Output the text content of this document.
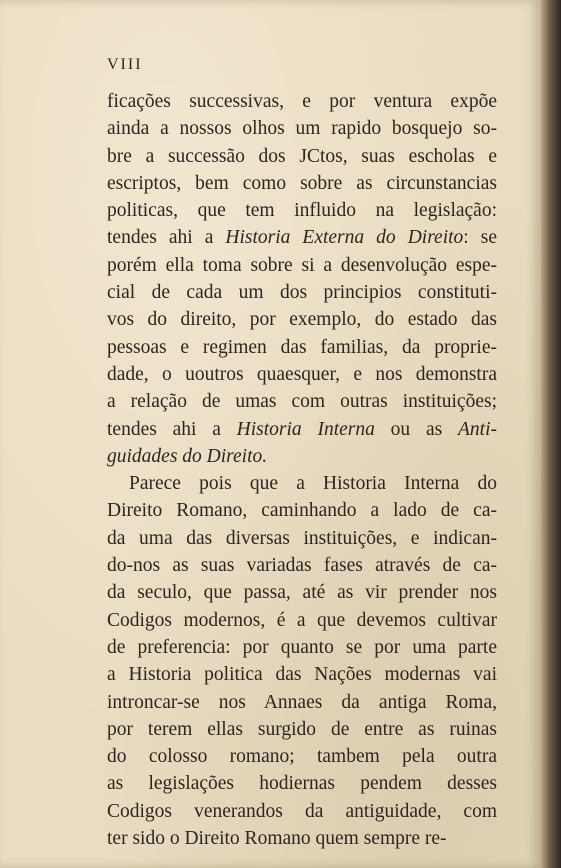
VIII
ficações successivas, e por ventura expõe
ainda a nossos olhos um rapido bosquejo so-
bre a successão dos JCtos, suas escholas e
escriptos, bem como sobre as circunstancias
politicas, que tem influido na legislação:
tendes ahi a Historia Externa do Direito: se
porém ella toma sobre si a desenvolução espe-
cial de cada um dos principios constituti-
vos do direito, por exemplo, do estado das
pessoas e regimen das familias, da proprie-
dade, o uoutros quaesquer, e nos demonstra
a relação de umas com outras instituições;
tendes ahi a Historia Interna ou as Anti-
guidades do Direito.
Parece pois que a Historia Interna do
Direito Romano, caminhando a lado de ca-
da uma das diversas instituições, e indican-
do-nos as suas variadas fases através de ca-
da seculo, que passa, até as vir prender nos
Codigos modernos, é a que devemos cultivar
de preferencia: por quanto se por uma parte
a Historia politica das Nações modernas vai
introncar-se nos Annaes da antiga Roma,
por terem ellas surgido de entre as ruinas
do colosso romano; tambem pela outra
as legislações hodiernas pendem desses
Codigos venerandos da antiguidade, com
ter sido o Direito Romano quem sempre re-
